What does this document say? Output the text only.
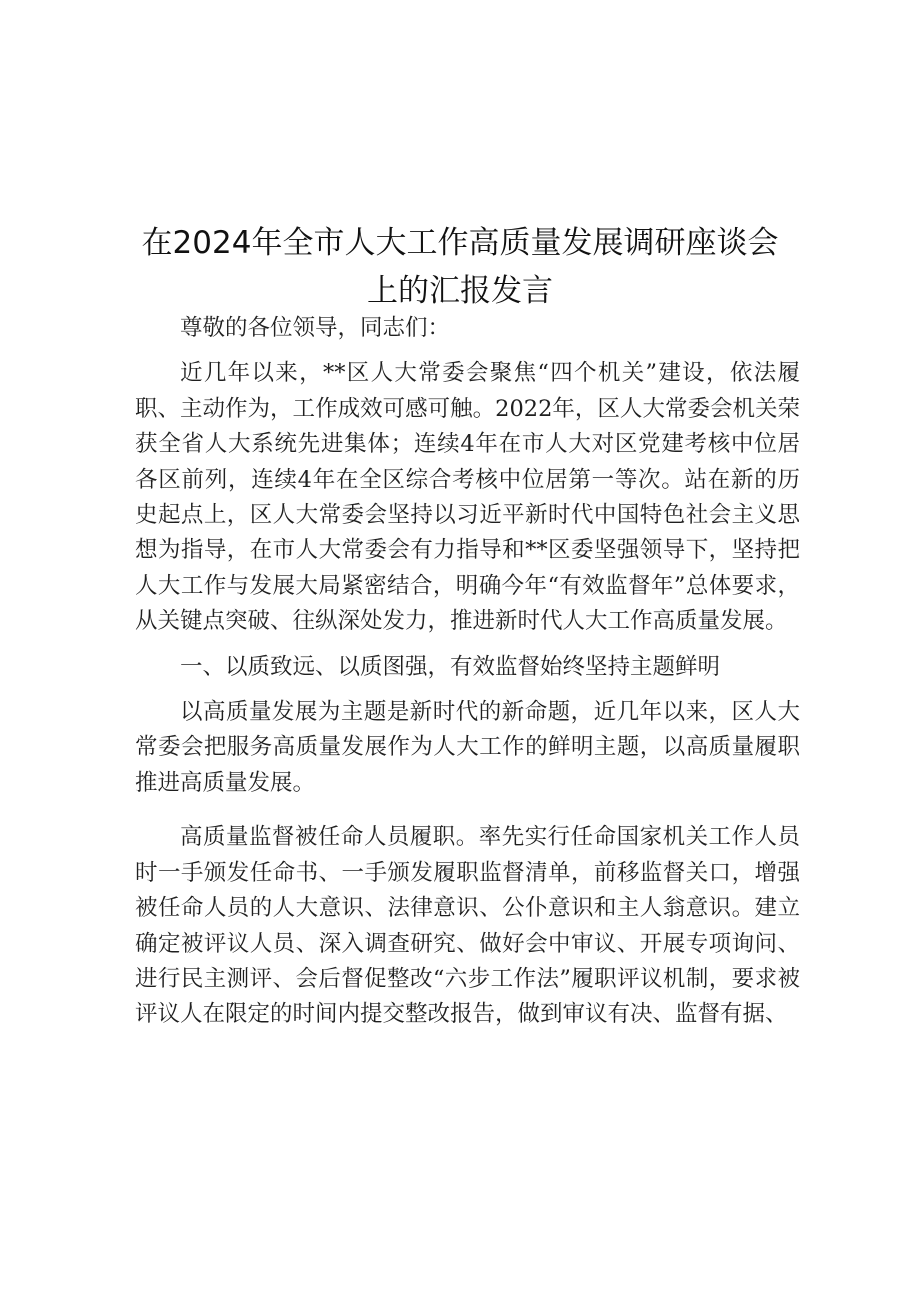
在2024年全市人大工作高质量发展调研座谈会
上的汇报发言

尊敬的各位领导，同志们：

近几年以来，**区人大常委会聚焦“四个机关”建设，依法履职、主动作为，工作成效可感可触。2022年，区人大常委会机关荣获全省人大系统先进集体；连续4年在市人大对区党建考核中位居各区前列，连续4年在全区综合考核中位居第一等次。站在新的历史起点上，区人大常委会坚持以习近平新时代中国特色社会主义思想为指导，在市人大常委会有力指导和**区委坚强领导下，坚持把人大工作与发展大局紧密结合，明确今年“有效监督年”总体要求，从关键点突破、往纵深处发力，推进新时代人大工作高质量发展。

一、以质致远、以质图强，有效监督始终坚持主题鲜明

以高质量发展为主题是新时代的新命题，近几年以来，区人大常委会把服务高质量发展作为人大工作的鲜明主题，以高质量履职推进高质量发展。

高质量监督被任命人员履职。率先实行任命国家机关工作人员时一手颁发任命书、一手颁发履职监督清单，前移监督关口，增强被任命人员的人大意识、法律意识、公仆意识和主人翁意识。建立确定被评议人员、深入调查研究、做好会中审议、开展专项询问、进行民主测评、会后督促整改“六步工作法”履职评议机制，要求被评议人在限定的时间内提交整改报告，做到审议有决、监督有据、
